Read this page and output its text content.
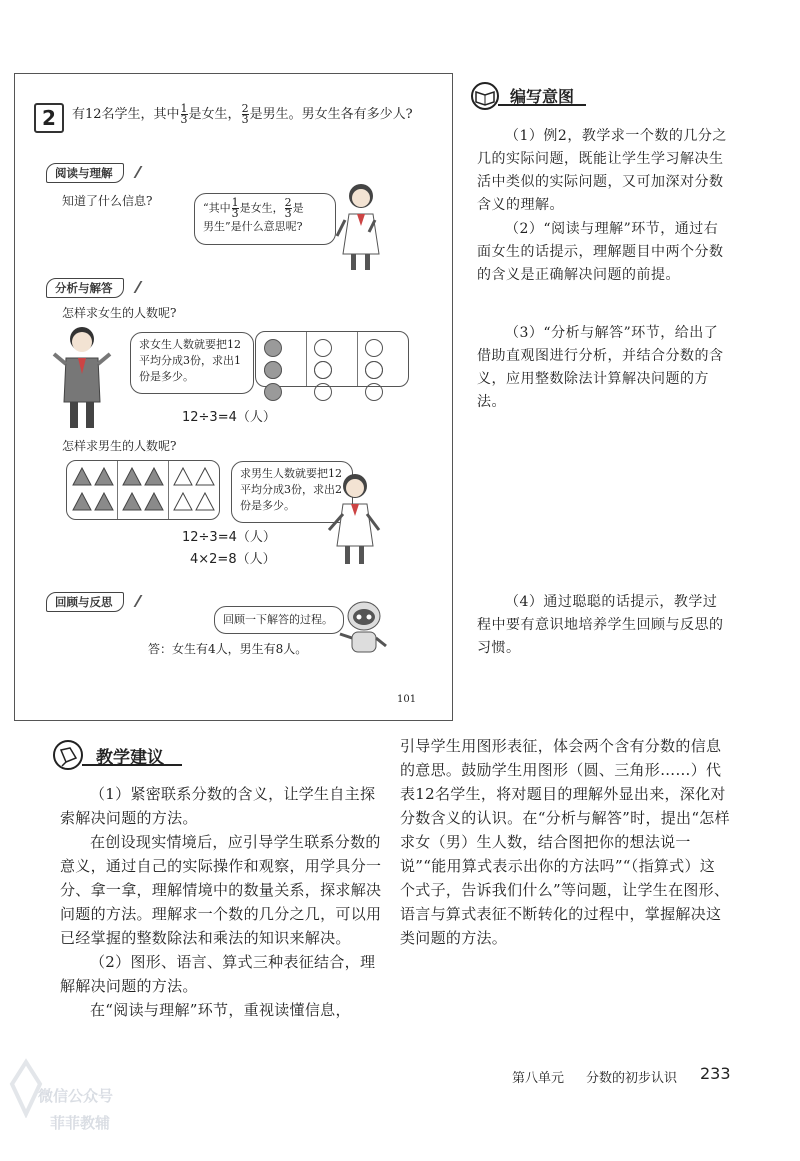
2	有12名学生，其中 $\frac{1}{3}$ 是女生， $\frac{2}{3}$ 是男生。男女生各有多少人?
阅读与理解
知道了什么信息?	“其中 $\frac{1}{3}$ 是女生， $\frac{2}{3}$ 是
男生”是什么意思呢?
分析与解答
怎样求女生的人数呢?
求女生人数就要把12平均分成3份，求出1份是多少。

12÷3=4（人）
怎样求男生的人数呢?
求男生人数就要把12平均分成3份，求出2份是多少。
12÷3=4（人）
4×2=8（人）
回顾与反思
回顾一下解答的过程。
答：女生有4人，男生有8人。
101
编写意图
（1）例2，教学求一个数的几分之几的实际问题，既能让学生学习解决生活中类似的实际问题，又可加深对分数含义的理解。
（2）“阅读与理解”环节，通过右面女生的话提示，理解题目中两个分数的含义是正确解决问题的前提。
（3）“分析与解答”环节，给出了借助直观图进行分析，并结合分数的含义，应用整数除法计算解决问题的方法。
（4）通过聪聪的话提示，教学过程中要有意识地培养学生回顾与反思的习惯。
教学建议

（1）紧密联系分数的含义，让学生自主探索解决问题的方法。

在创设现实情境后，应引导学生联系分数的意义，通过自己的实际操作和观察，用学具分一分、拿一拿，理解情境中的数量关系，探求解决问题的方法。理解求一个数的几分之几，可以用已经掌握的整数除法和乘法的知识来解决。

（2）图形、语言、算式三种表征结合，理解解决问题的方法。

在“阅读与理解”环节，重视读懂信息，

引导学生用图形表征，体会两个含有分数的信息的意思。鼓励学生用图形（圆、三角形……）代表12名学生，将对题目的理解外显出来，深化对分数含义的认识。在“分析与解答”时，提出“怎样求女（男）生人数，结合图把你的想法说一说”“能用算式表示出你的方法吗”“（指算式）这个式子，告诉我们什么”等问题，让学生在图形、语言与算式表征不断转化的过程中，掌握解决这类问题的方法。

第八单元 分数的初步认识 233
微信公众号
菲菲教辅
